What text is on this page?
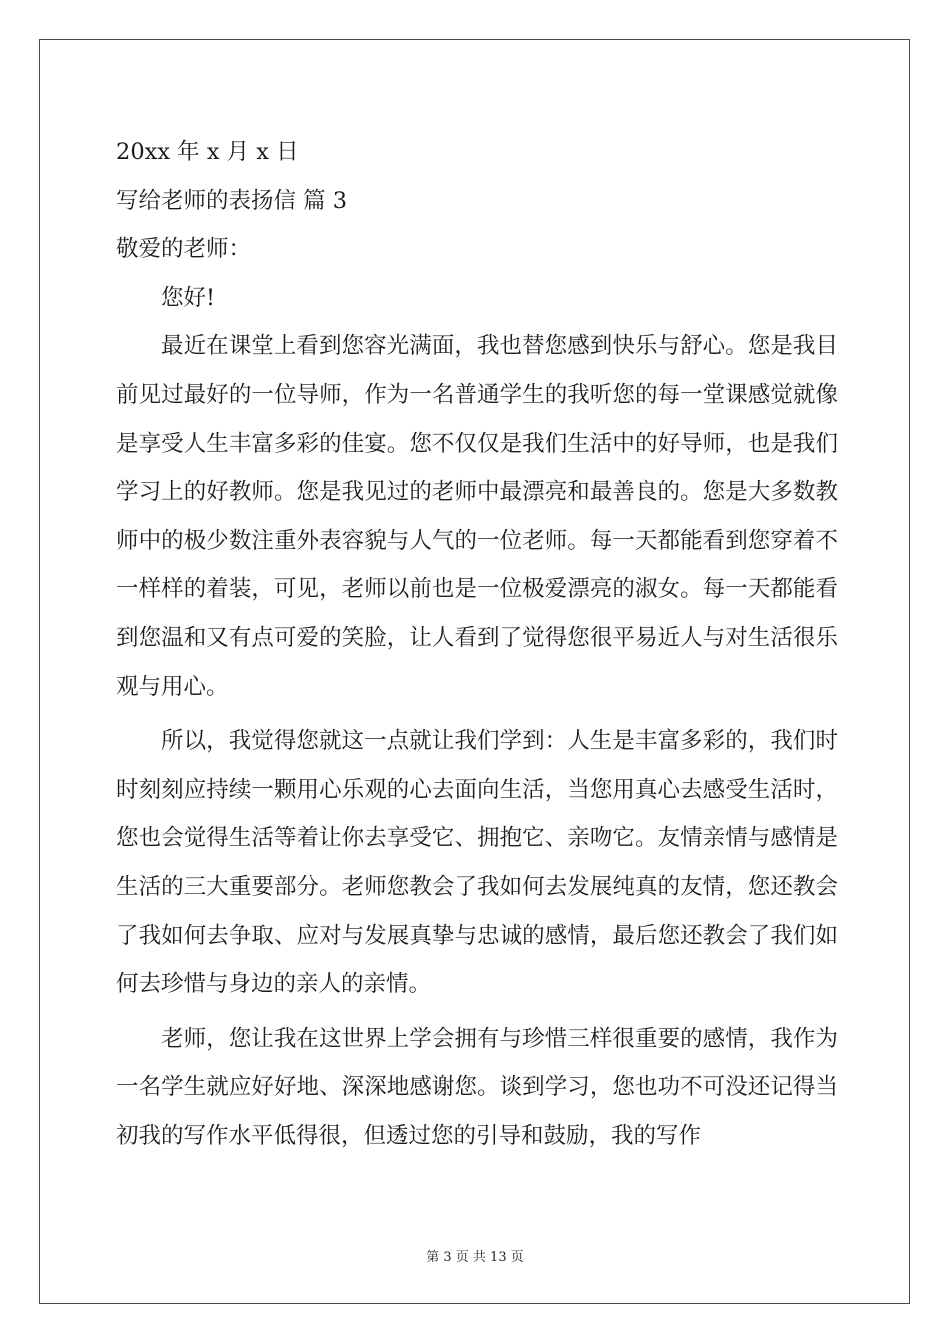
20xx 年 x 月 x 日
写给老师的表扬信 篇 3
敬爱的老师：
您好!

最近在课堂上看到您容光满面，我也替您感到快乐与舒心。您是我目前见过最好的一位导师，作为一名普通学生的我听您的每一堂课感觉就像是享受人生丰富多彩的佳宴。您不仅仅是我们生活中的好导师，也是我们学习上的好教师。您是我见过的老师中最漂亮和最善良的。您是大多数教师中的极少数注重外表容貌与人气的一位老师。每一天都能看到您穿着不一样样的着装，可见，老师以前也是一位极爱漂亮的淑女。每一天都能看到您温和又有点可爱的笑脸，让人看到了觉得您很平易近人与对生活很乐观与用心。

所以，我觉得您就这一点就让我们学到：人生是丰富多彩的，我们时时刻刻应持续一颗用心乐观的心去面向生活，当您用真心去感受生活时，您也会觉得生活等着让你去享受它、拥抱它、亲吻它。友情亲情与感情是生活的三大重要部分。老师您教会了我如何去发展纯真的友情，您还教会了我如何去争取、应对与发展真挚与忠诚的感情，最后您还教会了我们如何去珍惜与身边的亲人的亲情。

老师，您让我在这世界上学会拥有与珍惜三样很重要的感情，我作为一名学生就应好好地、深深地感谢您。谈到学习，您也功不可没还记得当初我的写作水平低得很，但透过您的引导和鼓励，我的写作

第 3 页 共 13 页
